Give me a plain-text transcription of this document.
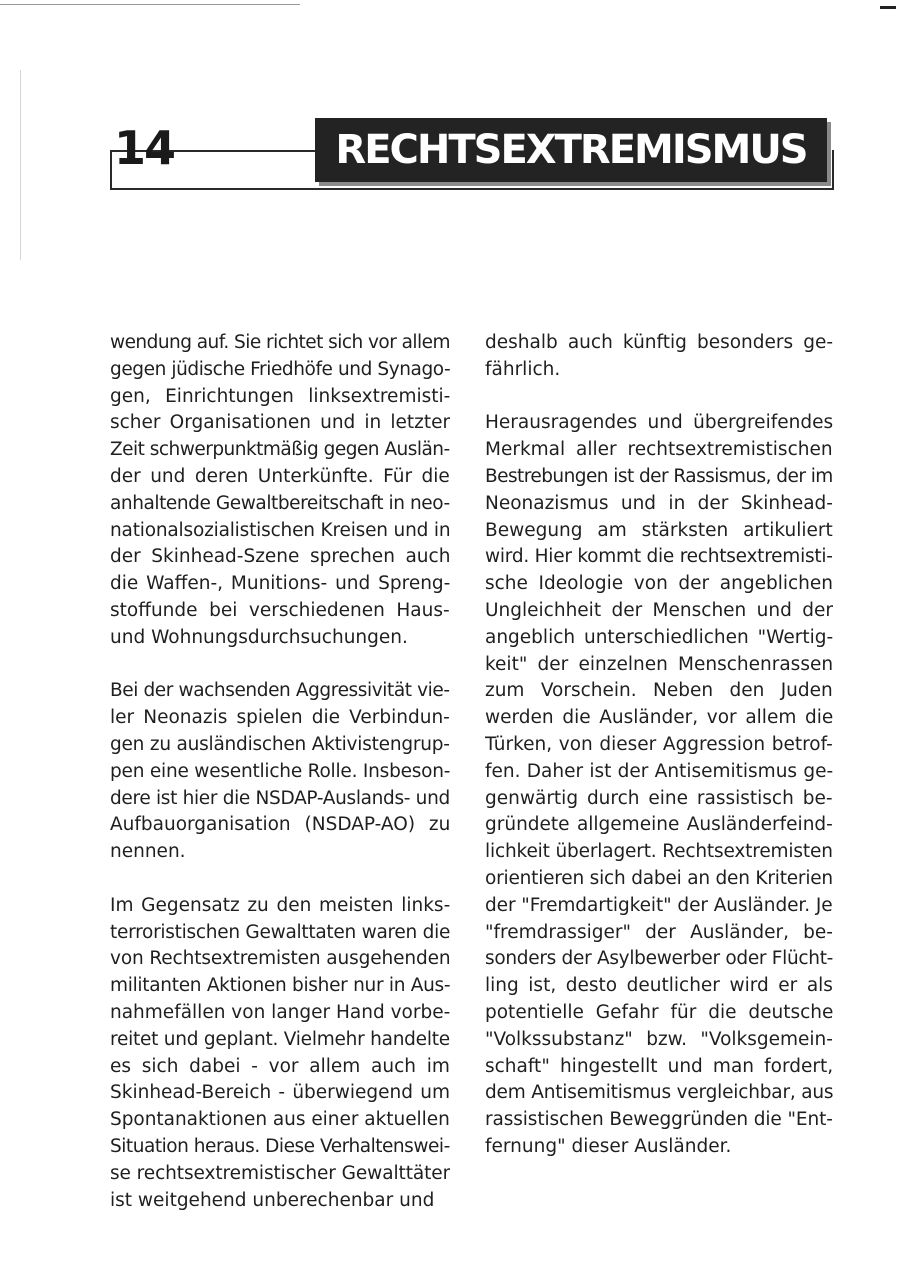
14	RECHTSEXTREMISMUS
wendung auf. Sie richtet sich vor allem
gegen jüdische Friedhöfe und Synago-
gen, Einrichtungen linksextremisti-
scher Organisationen und in letzter
Zeit schwerpunktmäßig gegen Auslän-
der und deren Unterkünfte. Für die
anhaltende Gewaltbereitschaft in neo-
nationalsozialistischen Kreisen und in
der Skinhead-Szene sprechen auch
die Waffen-, Munitions- und Spreng-
stoffunde bei verschiedenen Haus-
und Wohnungsdurchsuchungen.
Bei der wachsenden Aggressivität vie-
ler Neonazis spielen die Verbindun-
gen zu ausländischen Aktivistengrup-
pen eine wesentliche Rolle. Insbeson-
dere ist hier die NSDAP-Auslands- und
Aufbauorganisation (NSDAP-AO) zu
nennen.
Im Gegensatz zu den meisten links-
terroristischen Gewalttaten waren die
von Rechtsextremisten ausgehenden
militanten Aktionen bisher nur in Aus-
nahmefällen von langer Hand vorbe-
reitet und geplant. Vielmehr handelte
es sich dabei - vor allem auch im
Skinhead-Bereich - überwiegend um
Spontanaktionen aus einer aktuellen
Situation heraus. Diese Verhaltenswei-
se rechtsextremistischer Gewalttäter
ist weitgehend unberechenbar und
deshalb auch künftig besonders ge-
fährlich.
Herausragendes und übergreifendes
Merkmal aller rechtsextremistischen
Bestrebungen ist der Rassismus, der im
Neonazismus und in der Skinhead-
Bewegung am stärksten artikuliert
wird. Hier kommt die rechtsextremisti-
sche Ideologie von der angeblichen
Ungleichheit der Menschen und der
angeblich unterschiedlichen "Wertig-
keit" der einzelnen Menschenrassen
zum Vorschein. Neben den Juden
werden die Ausländer, vor allem die
Türken, von dieser Aggression betrof-
fen. Daher ist der Antisemitismus ge-
genwärtig durch eine rassistisch be-
gründete allgemeine Ausländerfeind-
lichkeit überlagert. Rechtsextremisten
orientieren sich dabei an den Kriterien
der "Fremdartigkeit" der Ausländer. Je
"fremdrassiger" der Ausländer, be-
sonders der Asylbewerber oder Flücht-
ling ist, desto deutlicher wird er als
potentielle Gefahr für die deutsche
"Volkssubstanz" bzw. "Volksgemein-
schaft" hingestellt und man fordert,
dem Antisemitismus vergleichbar, aus
rassistischen Beweggründen die "Ent-
fernung" dieser Ausländer.
